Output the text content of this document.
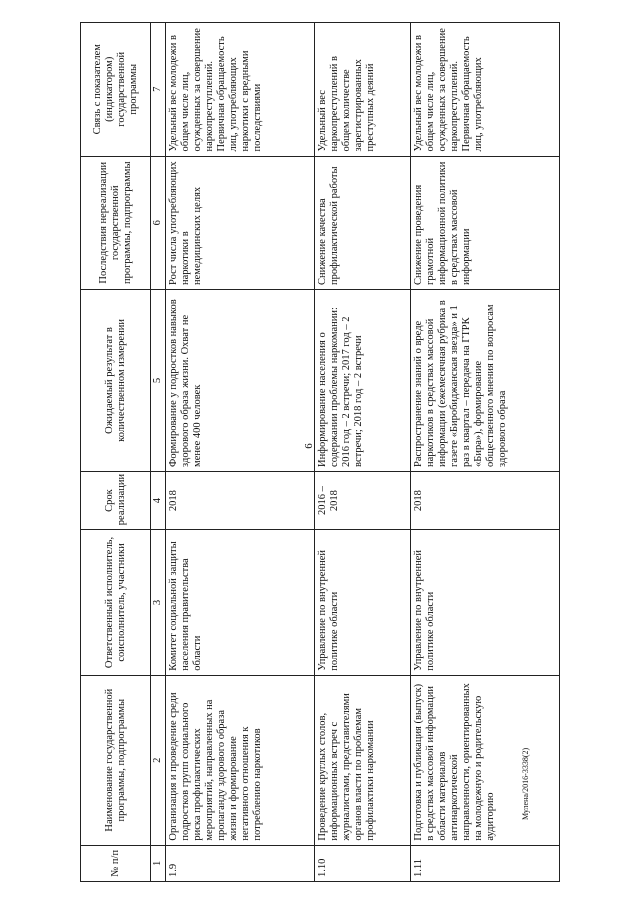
6
№ п/п	Наименование государственной программы, подпрограммы	Ответственный исполнитель, соисполнитель, участники	Срок реализации	Ожидаемый результат в количественном измерении	Последствия нереализации государственной программы, подпрограммы	Связь с показателем (индикатором) государственной программы
1	2	3	4	5	6	7
1.9	Организация и проведение среди подростков групп социального риска профилактических мероприятий, направленных на пропаганду здорового образа жизни и формирование негативного отношения к потреблению наркотиков	Комитет социальной защиты населения правительства области	2018	Формирование у подростков навыков здорового образа жизни. Охват не менее 400 человек	Рост числа употребляющих наркотики в немедицинских целях	Удельный вес молодежи в общем числе лиц, осужденных за совершение наркопреступлений. Первичная обращаемость лиц, употребляющих наркотики с вредными последствиями
1.10	Проведение круглых столов, информационных встреч с журналистами, представителями органов власти по проблемам профилактики наркомании	Управление по внутренней политике области	2016 – 2018	Информирование населения о содержании проблемы наркомании: 2016 год – 2 встречи; 2017 год – 2 встречи; 2018 год – 2 встречи	Снижение качества профилактической работы	Удельный вес наркопреступлений в общем количестве зарегистрированных преступных деяний
1.11	Подготовка и публикация (выпуск) в средствах массовой информации области материалов антинаркотической направленности, ориентированных на молодежную и родительскую аудиторию	Управление по внутренней политике области	2018	Распространение знаний о вреде наркотиков в средствах массовой информации (ежемесячная рубрика в газете «Биробиджанская звезда» и 1 раз в квартал – передача на ГТРК «Бира»), формирование общественного мнения по вопросам здорового образа	Снижение проведения грамотной информационной политики в средствах массовой информации	Удельный вес молодежи в общем числе лиц, осужденных за совершение наркопреступлений. Первичная обращаемость лиц, употребляющих
Мулена/2016-3338(2)
